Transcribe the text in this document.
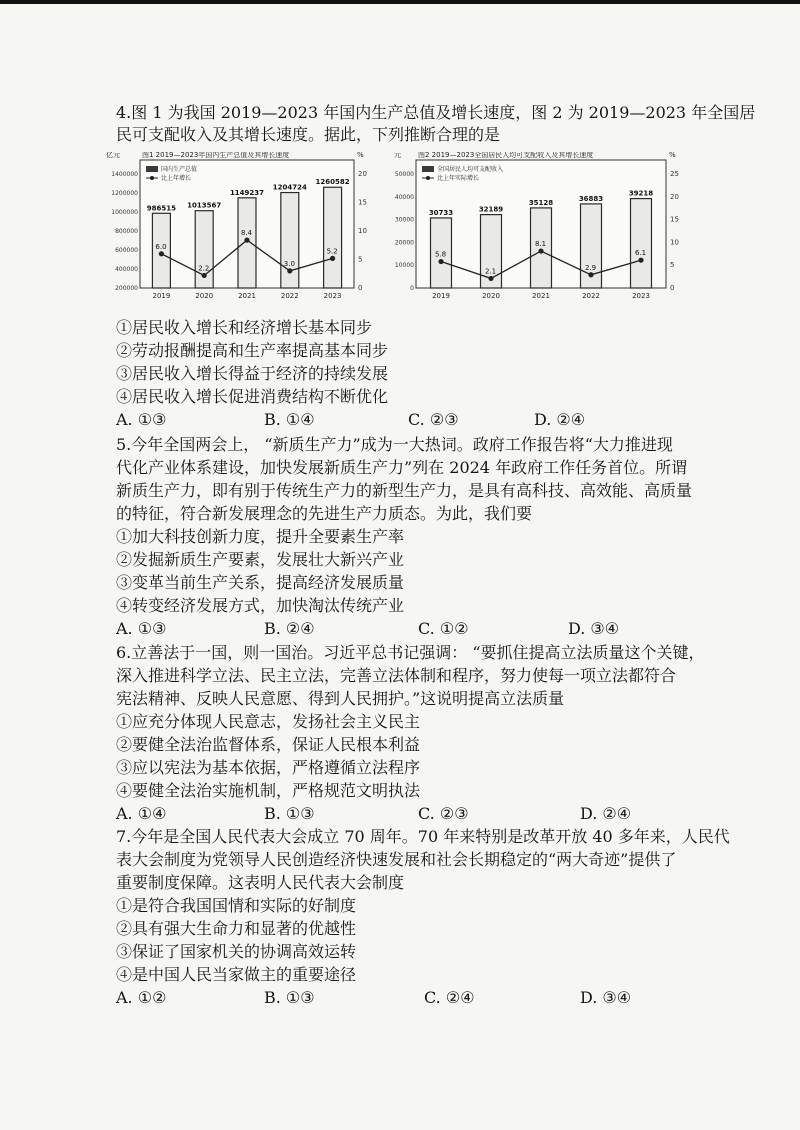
4.图 1 为我国 2019—2023 年国内生产总值及增长速度，图 2 为 2019—2023 年全国居
民可支配收入及其增长速度。据此，下列推断合理的是
图1 2019—2023年国内生产总值及其增长速度
亿元	%
1400000
1200000
1000000
800000
600000
400000
200000
20
15
10
5
0
国内生产总值
比上年增长
986515
2019
1013567
2020
1149237
2021
1204724
2022
1260582
2023
6.0
2.2
8.4
3.0
5.2
图2 2019—2023全国居民人均可支配收入及其增长速度
元	%
50000
40000
30000
20000
10000
0
25
20
15
10
5
0
全国居民人均可支配收入
比上年实际增长
30733
2019
32189
2020
35128
2021
36883
2022
39218
2023
5.8
2.1
8.1
2.9
6.1
①居民收入增长和经济增长基本同步
②劳动报酬提高和生产率提高基本同步
③居民收入增长得益于经济的持续发展
④居民收入增长促进消费结构不断优化
A. ①③	B. ①④	C. ②③	D. ②④
5.今年全国两会上， “新质生产力”成为一大热词。政府工作报告将“大力推进现
代化产业体系建设，加快发展新质生产力”列在 2024 年政府工作任务首位。所谓
新质生产力，即有别于传统生产力的新型生产力，是具有高科技、高效能、高质量
的特征，符合新发展理念的先进生产力质态。为此，我们要
①加大科技创新力度，提升全要素生产率
②发掘新质生产要素，发展壮大新兴产业
③变革当前生产关系，提高经济发展质量
④转变经济发展方式，加快淘汰传统产业
A. ①③	B. ②④	C. ①②	D. ③④
6.立善法于一国，则一国治。习近平总书记强调： “要抓住提高立法质量这个关键，
深入推进科学立法、民主立法，完善立法体制和程序，努力使每一项立法都符合
宪法精神、反映人民意愿、得到人民拥护。”这说明提高立法质量
①应充分体现人民意志，发扬社会主义民主
②要健全法治监督体系，保证人民根本利益
③应以宪法为基本依据，严格遵循立法程序
④要健全法治实施机制，严格规范文明执法
A. ①④	B. ①③	C. ②③	D. ②④
7.今年是全国人民代表大会成立 70 周年。70 年来特别是改革开放 40 多年来，人民代
表大会制度为党领导人民创造经济快速发展和社会长期稳定的“两大奇迹”提供了
重要制度保障。这表明人民代表大会制度
①是符合我国国情和实际的好制度
②具有强大生命力和显著的优越性
③保证了国家机关的协调高效运转
④是中国人民当家做主的重要途径
A. ①②	B. ①③	C. ②④	D. ③④
